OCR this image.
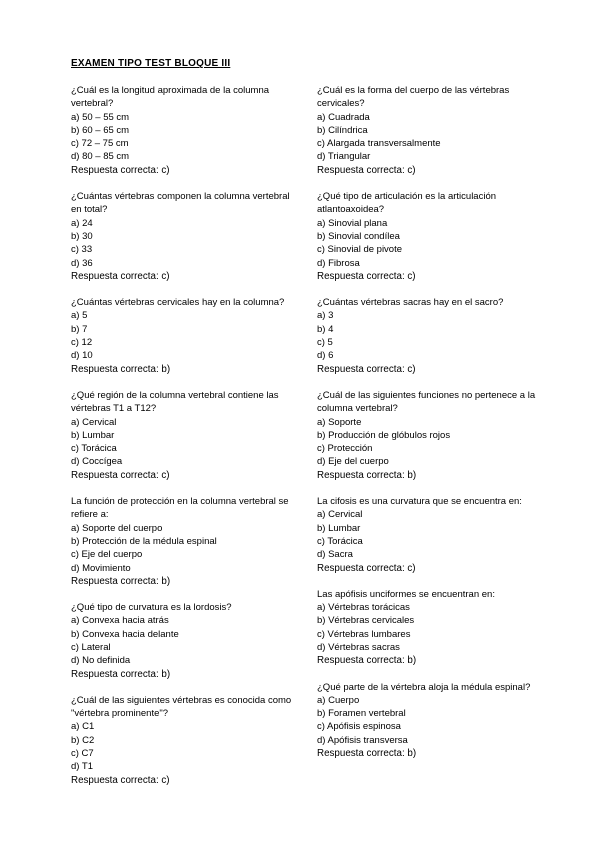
EXAMEN TIPO TEST BLOQUE III

¿Cuál es la longitud aproximada de la columna vertebral?

a) 50 – 55 cm
b) 60 – 65 cm
c) 72 – 75 cm
d) 80 – 85 cm

Respuesta correcta: c)

¿Cuántas vértebras componen la columna vertebral en total?

a) 24
b) 30
c) 33
d) 36

Respuesta correcta: c)

¿Cuántas vértebras cervicales hay en la columna?

a) 5
b) 7
c) 12
d) 10

Respuesta correcta: b)

¿Qué región de la columna vertebral contiene las vértebras T1 a T12?

a) Cervical
b) Lumbar
c) Torácica
d) Coccígea

Respuesta correcta: c)

La función de protección en la columna vertebral se refiere a:

a) Soporte del cuerpo
b) Protección de la médula espinal
c) Eje del cuerpo
d) Movimiento

Respuesta correcta: b)

¿Qué tipo de curvatura es la lordosis?

a) Convexa hacia atrás
b) Convexa hacia delante
c) Lateral
d) No definida

Respuesta correcta: b)

¿Cuál de las siguientes vértebras es conocida como "vértebra prominente"?

a) C1
b) C2
c) C7
d) T1

Respuesta correcta: c)

¿Cuál es la forma del cuerpo de las vértebras cervicales?

a) Cuadrada
b) Cilíndrica
c) Alargada transversalmente
d) Triangular

Respuesta correcta: c)

¿Qué tipo de articulación es la articulación atlantoaxoidea?

a) Sinovial plana
b) Sinovial condílea
c) Sinovial de pivote
d) Fibrosa

Respuesta correcta: c)

¿Cuántas vértebras sacras hay en el sacro?

a) 3
b) 4
c) 5
d) 6

Respuesta correcta: c)

¿Cuál de las siguientes funciones no pertenece a la columna vertebral?

a) Soporte
b) Producción de glóbulos rojos
c) Protección
d) Eje del cuerpo

Respuesta correcta: b)

La cifosis es una curvatura que se encuentra en:

a) Cervical
b) Lumbar
c) Torácica
d) Sacra

Respuesta correcta: c)

Las apófisis unciformes se encuentran en:

a) Vértebras torácicas
b) Vértebras cervicales
c) Vértebras lumbares
d) Vértebras sacras

Respuesta correcta: b)

¿Qué parte de la vértebra aloja la médula espinal?

a) Cuerpo
b) Foramen vertebral
c) Apófisis espinosa
d) Apófisis transversa

Respuesta correcta: b)
